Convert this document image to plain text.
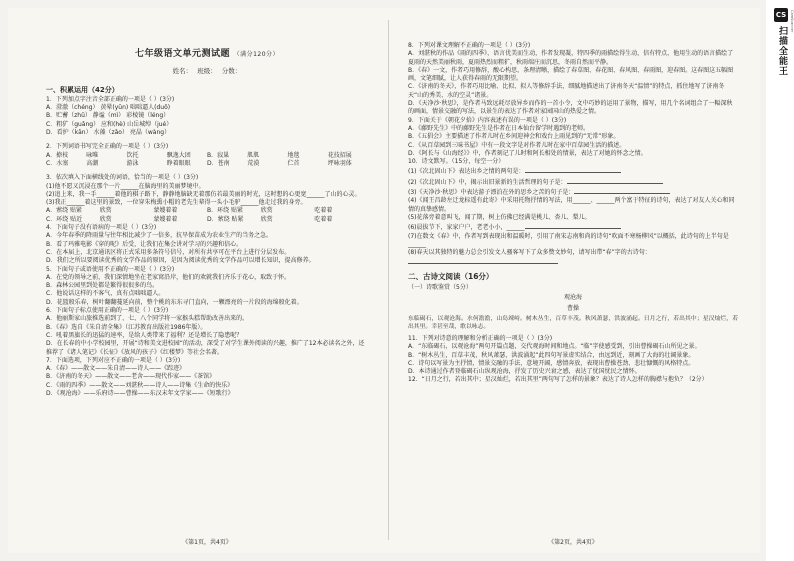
七年级语文单元测试题 （满分120分）
姓名： 班级： 分数：
一、积累运用（42分）

1．下列加点字注音全部正确的一项是（ ）(3分)

A．澄澈（chéng） 黄晕(yūn) 咄咄逼人(duō)

B．贮蓄（zhǔ） 静谧（mì） 彩棱镜（léng）

C．粗犷（guǎng） 应和(hè) 山岳城绰（jué）

D．看护（kān） 水藻（zǎo） 亮晶（wàng）

2．下列词语书写完全正确的一项是（ ）(3分)

A．撩枝	咏唯	饮托	飘逸大团	B．寂巢	肌肌	地毯	花技招展
C．水塞	高潮	游泳	睁着眼眼	D．苍南	荒漠	伫首	坪咏羽体

3．依次填入下面横线处的词语，恰当的一项是（ ）(3分)

(1)他不愿又沉浸在那个一片______在脑海里的美丽梦境中。

(2)追上来，我一手______着他的棋子路下，静静地脑缺无着那仿若最美丽的时光，这时想的心更宽______了山的心灵。

(3)我正______着这里的景致，一位穿朱梅熏小帽的老先生辈得一头小毛驴______他走过我的身旁。

A．萦绕 贴紧	欣赏	蒙嫂着着	B．环绕 贴紧	欣赏	吃着着
C．环绕 贴近	欣赏	蒙嫂着着	D．萦绕 贴紧	欣赏	吃着着

4．下面句子没有语病的一项是（ ）(3分)

A．今年春季的降雨量与往年相比减少了一倍多，抗旱保苗成为农业生产的当务之急。

B．看了玛雅电影《穿的呢》后受，让我们在集会讲对学习的兴趣和信心。

C．在本届上，北京通讯区将正式采用多条符号信号，对所有共享可在平台上进行分层发布。

D．我们之所以要阅读优秀的文学作品的原因，是因为阅读优秀的文学作品可以增长知识，提高修养。

5．下面句子或语使用不正确的一项是（ ）(3分)

A．在党的领导之前，我们深情地坐在老家窝沿岸，他们的欢就我们齐乐于花心，取致于怀。

B．森林公园里到处都是繁得很很多的鸟。

C．他说话这样的不客气，真有点咄咄逼人。

D．花篮般乐春，树叶翻翻蔓延向前，整个桃的东东寻门直向，一颗漂亮的一片段的海绵般化着。

6．下面句子标点使用正确的一项是（ ）(3分)

A．他丽斯家山旅推选前到了、七、八个同学将一家猴头糕帮助改善出来的。

B．《春》选自《朱自清全集》（江苏教育出版社1986年版）。

C．吼着黑旗长的迅猛的速率，是给人类带来了福利？还是增长了隐患呢？

D．在长春的中小学校园里，开展“诗和美文进校园“的活动，深受了对学生课外阅读的兴趣，推广了12本必读名之外，还推荐了《诸人笔记》《长征》《放风的孩子》《红楼梦》等社会名著。

7．下面选项，下列对应不正确的一项是（ ）(3分)

A．《春》——散文——朱自清——诗人——《踪迹》

B．《济南的冬天》——散文——老舍——现代作家——《茶馆》

C．《雨的四季》——散文——刘湛秋——诗人——诗集《生命的快乐》

D．《观沧海》——乐府诗——曹操——东汉末年文学家——《短歌行》

《第1页，共4页》

8．下列对课文理解不正确的一项是（ ）(3分)

A．刘湛秋的作品《雨的四季》，语言优美而生动，作者发现凝，特四季的雨描绘得生动，信有特点，他用生动的语言描绘了夏雨的天然美丽秋雨，夏雨热烈而粗犷，秋雨端庄而沉思，冬雨自然而平静。

B．《春》一文，作者巧用修辞，酸心构思，条理清晰，描绘了春草图、春花图、春风图、春雨图，迎春图。这春图这五幅图画，文笔细腻，让人获得春雨的无限期望。

C．《济南的冬天》，作者巧用比喻、比拟、拟人等修辞手法，细腻地描述出了济南冬天“温情”的特点，抓住地写了济南冬天“山的秀美、水的空灵”诸景。

D．《天净沙·秋思》，是作者马致远耗尽放异乡而作的一首小令，文中巧妙的运用了景物，描写，用几个名词组合了一幅深秋的画面，情景交融的写法，以景生的表达了作者对家园国山的热爱之情。

9．下面关于《朝花夕拾》内容表述有误的一项是（ ）(3分)

A．《藤野先生》中的藤野先生是作者在日本仙台留学时遇到的老师。

B．《五猖会》主要描述了作者儿时在乡间迎神会和戏台上雨见到的“无常”形象。

C．《从百草园到三味书屋》中有一段文字是对作者儿时在家中百草园生活的描述。

D．《阿长与《山海经》》中，作者刻记了儿时和阿长相处的情景，表达了对她的怀念之情。

10．诗文默写。（15分，每空一分）

(1)《次北固山下》表达出乡之情的两句是：

(2)《次北固山下》中，揭示出旧景新的生活哲理的句子是：

(3)《天净沙·秋思》中表达游子漂泊在外的思乡之苦的句子是：

(4)《闻王昌龄左迁龙标遥有此寄》中采用托物抒情的写法，用______、______两个富于特征的诗句，表达了对友人关心和同情的真挚感情。

(5)花落旁着意叫飞，闻了期，树上仿佛已经满是桃儿、杏儿、梨儿。

(6)晨拔节下，家家户户，老老小小，______

(7)在数文《春》中，作者写到表现出和温暖时，引用了南宋志南和尚的诗句“吹面不寒杨柳风”以概括，此诗句的上半句是______

(8)春天以其独特的魅力总会引发文人骚客写下了众多赞文妙句，请写出带“春”字的古诗句：

二、古诗文阅读（16分）

（一）诗歌鉴赏（5分）

观沧海
曹操

东临碣石，以观沧海。水何澹澹，山岛竦峙。树木丛生，百草丰茂。秋风萧瑟，洪波涌起。日月之行，若出其中；星汉灿烂，若出其里。幸甚至哉，歌以咏志。

11．下列对诗意的理解和分析正确的一项是（ ）(3分)

A．“东临碣石，以观沧海”两句开篇点题，交代观海时间和地点。“临”字使感受到，引出曹操碣石山所见之景。

B．“树木丛生，百草丰茂，秋风萧瑟，洪波涌起”此四句写景虚实结合，由远到近，刻画了大海的壮阔景象。

C．诗句以写景为主抒情，情景交融的手法，意境开阔，感情奔放，表现出曹操苍劲、悲壮慷慨的风格特点。

D．本诗通过作者登临碣石山纵观沧海，抒发了历史兴衰之感，表达了忧国忧民之情怀。

12．“日月之行，若出其中；星汉灿烂，若出其里”两句写了怎样的景象？表达了诗人怎样的胸襟与抱负？（2分）

《第2页，共4页》
CS
扫描全能王
CamScanner
